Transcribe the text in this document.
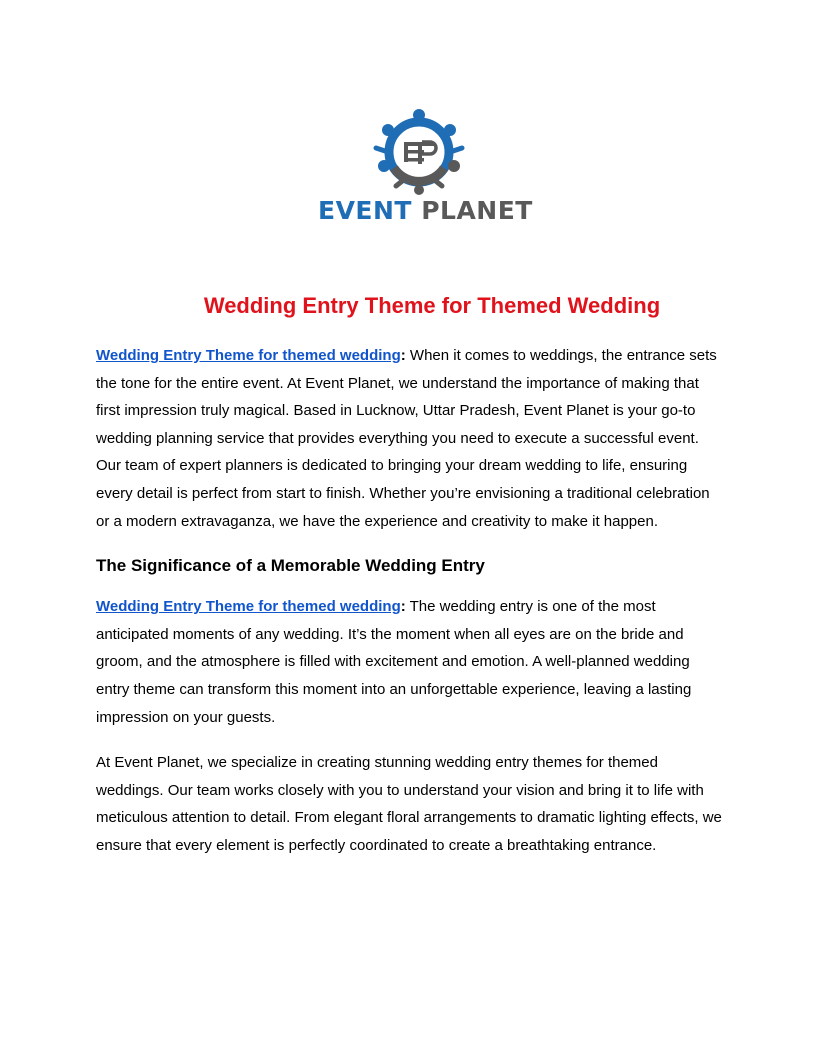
EVENT PLANET
Wedding Entry Theme for Themed Wedding

Wedding Entry Theme for themed wedding: When it comes to weddings, the entrance sets the tone for the entire event. At Event Planet, we understand the importance of making that first impression truly magical. Based in Lucknow, Uttar Pradesh, Event Planet is your go-to wedding planning service that provides everything you need to execute a successful event. Our team of expert planners is dedicated to bringing your dream wedding to life, ensuring every detail is perfect from start to finish. Whether you’re envisioning a traditional celebration or a modern extravaganza, we have the experience and creativity to make it happen.

The Significance of a Memorable Wedding Entry

Wedding Entry Theme for themed wedding: The wedding entry is one of the most anticipated moments of any wedding. It’s the moment when all eyes are on the bride and groom, and the atmosphere is filled with excitement and emotion. A well-planned wedding entry theme can transform this moment into an unforgettable experience, leaving a lasting impression on your guests.

At Event Planet, we specialize in creating stunning wedding entry themes for themed weddings. Our team works closely with you to understand your vision and bring it to life with meticulous attention to detail. From elegant floral arrangements to dramatic lighting effects, we ensure that every element is perfectly coordinated to create a breathtaking entrance.
